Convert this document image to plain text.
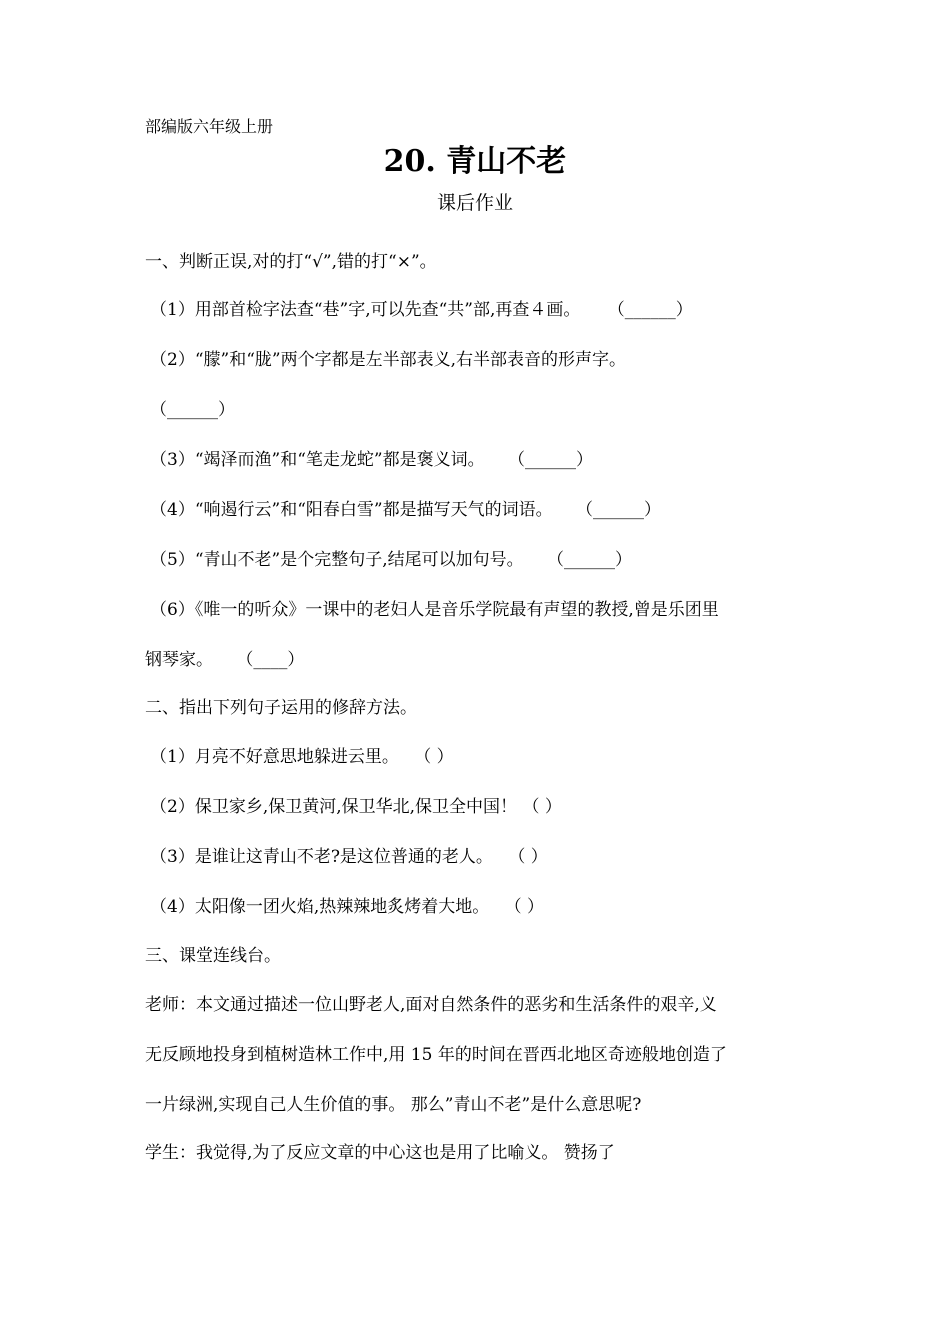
部编版六年级上册
20. 青山不老
课后作业
一、判断正误,对的打“√”,错的打“×”。
（1）用部首检字法查“巷”字,可以先查“共”部,再查４画。 （______）
（2）“朦”和“胧”两个字都是左半部表义,右半部表音的形声字。
（______）
（3）“竭泽而渔”和“笔走龙蛇”都是褒义词。 （______）
（4）“响遏行云”和“阳春白雪”都是描写天气的词语。 （______）
（5）“青山不老”是个完整句子,结尾可以加句号。 （______）
（6）《唯一的听众》一课中的老妇人是音乐学院最有声望的教授,曾是乐团里
钢琴家。 （____）
二、指出下列句子运用的修辞方法。
（1）月亮不好意思地躲进云里。 （ ）
（2）保卫家乡,保卫黄河,保卫华北,保卫全中国！ （ ）
（3）是谁让这青山不老?是这位普通的老人。 （ ）
（4）太阳像一团火焰,热辣辣地炙烤着大地。 （ ）
三、课堂连线台。
老师：本文通过描述一位山野老人,面对自然条件的恶劣和生活条件的艰辛,义
无反顾地投身到植树造林工作中,用 15 年的时间在晋西北地区奇迹般地创造了
一片绿洲,实现自己人生价值的事。 那么”青山不老”是什么意思呢?
学生：我觉得,为了反应文章的中心这也是用了比喻义。 赞扬了
